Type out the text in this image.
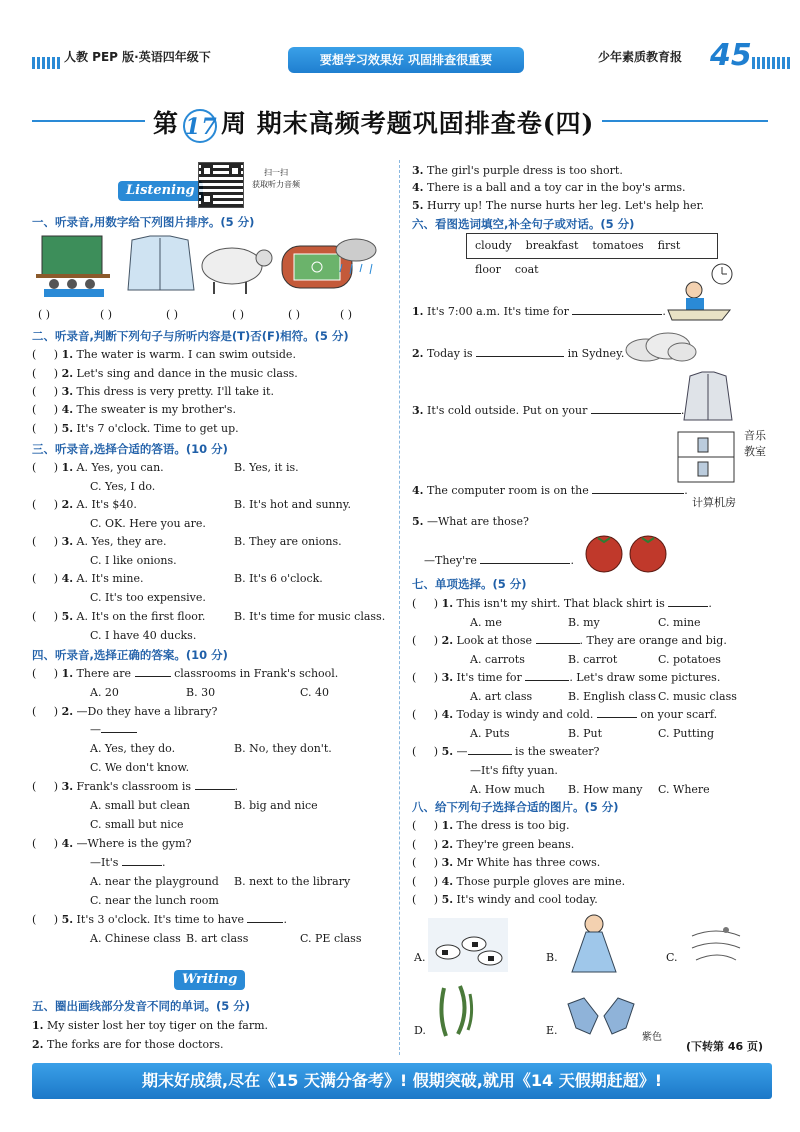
人教 PEP 版·英语四年级下	要想学习效果好 巩固排查很重要	少年素质教育报 45
第 17 周 期末高频考题巩固排查卷(四)
Listening
扫一扫
获取听力音频
一、听录音,用数字给下列图片排序。(5 分)
( )	( )	( )	( )	( )	( )
二、听录音,判断下列句子与所听内容是(T)否(F)相符。(5 分)
(     ) 1. The water is warm. I can swim outside.
(     ) 2. Let's sing and dance in the music class.
(     ) 3. This dress is very pretty. I'll take it.
(     ) 4. The sweater is my brother's.
(     ) 5. It's 7 o'clock. Time to get up.
三、听录音,选择合适的答语。(10 分)
(     ) 1. A. Yes, you can.	B. Yes, it is.
C. Yes, I do.
(     ) 2. A. It's $40.	B. It's hot and sunny.
C. OK. Here you are.
(     ) 3. A. Yes, they are.	B. They are onions.
C. I like onions.
(     ) 4. A. It's mine.	B. It's 6 o'clock.
C. It's too expensive.
(     ) 5. A. It's on the first floor.	B. It's time for music class.
C. I have 40 ducks.
四、听录音,选择正确的答案。(10 分)
(     ) 1. There are	classrooms in Frank's school.
A. 20	B. 30	C. 40
(     ) 2. —Do they have a library?
—
A. Yes, they do.	B. No, they don't.
C. We don't know.
(     ) 3. Frank's classroom is	.
A. small but clean	B. big and nice
C. small but nice
(     ) 4. —Where is the gym?
—It's	.
A. near the playground B. next to the library
C. near the lunch room
(     ) 5. It's 3 o'clock. It's time to have	.
A. Chinese class B. art class	C. PE class
Writing
五、圈出画线部分发音不同的单词。(5 分)
1. My sister lost her toy tiger on the farm.
2. The forks are for those doctors.
3. The girl's purple dress is too short.
4. There is a ball and a toy car in the boy's arms.
5. Hurry up! The nurse hurts her leg. Let's help her.
六、看图选词填空,补全句子或对话。(5 分)
cloudy breakfast tomatoes first floor coat
1. It's 7:00 a.m. It's time for	.
2. Today is	in Sydney.
3. It's cold outside. Put on your	.
音乐教室
计算机房
4. The computer room is on the	.
5. —What are those?
—They're	.
七、单项选择。(5 分)
(     ) 1. This isn't my shirt. That black shirt is	.
A. me	B. my	C. mine
(     ) 2. Look at those	. They are orange and big.
A. carrots	B. carrot	C. potatoes
(     ) 3. It's time for	. Let's draw some pictures.
A. art class	B. English class C. music class
(     ) 4. Today is windy and cold.	on your scarf.
A. Puts	B. Put	C. Putting
(     ) 5. —	is the sweater?
—It's fifty yuan.
A. How much B. How many C. Where
八、给下列句子选择合适的图片。(5 分)
(     ) 1. The dress is too big.
(     ) 2. They're green beans.
(     ) 3. Mr White has three cows.
(     ) 4. Those purple gloves are mine.
(     ) 5. It's windy and cool today.
A.	B.	C.
D.	E.
紫色
(下转第 46 页)
期末好成绩,尽在《15 天满分备考》! 假期突破,就用《14 天假期赶超》!
